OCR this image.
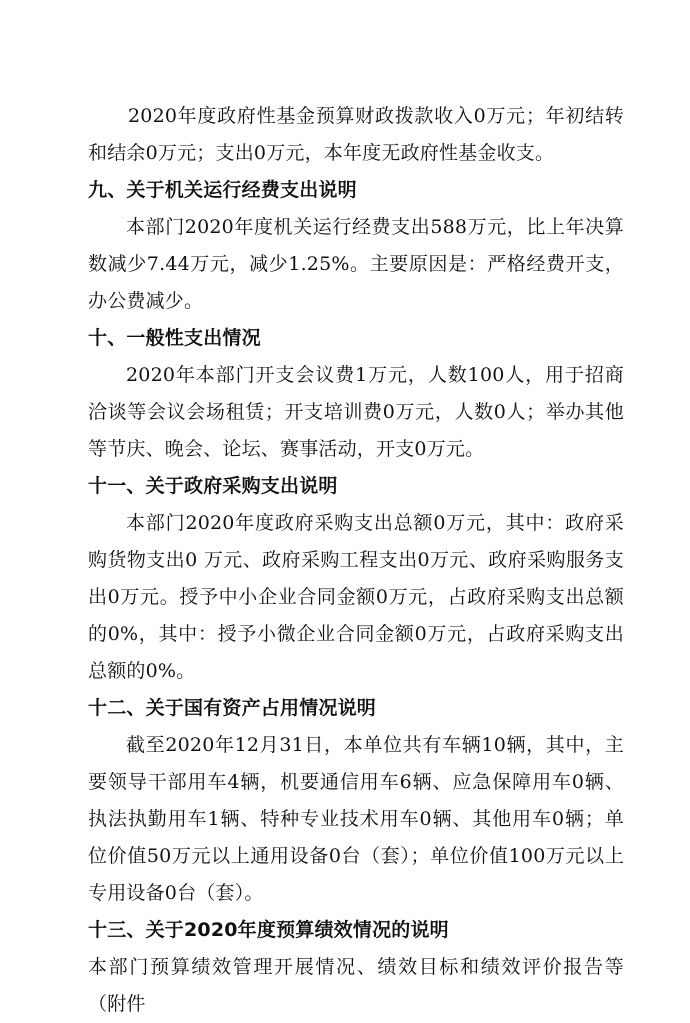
2020年度政府性基金预算财政拨款收入0万元；年初结转和结余0万元；支出0万元，本年度无政府性基金收支。

九、关于机关运行经费支出说明

本部门2020年度机关运行经费支出588万元，比上年决算数减少7.44万元，减少1.25%。主要原因是：严格经费开支，办公费减少。

十、一般性支出情况

2020年本部门开支会议费1万元，人数100人，用于招商洽谈等会议会场租赁；开支培训费0万元，人数0人；举办其他等节庆、晚会、论坛、赛事活动，开支0万元。

十一、关于政府采购支出说明

本部门2020年度政府采购支出总额0万元，其中：政府采购货物支出0 万元、政府采购工程支出0万元、政府采购服务支出0万元。授予中小企业合同金额0万元，占政府采购支出总额的0%，其中：授予小微企业合同金额0万元，占政府采购支出总额的0%。

十二、关于国有资产占用情况说明

截至2020年12月31日，本单位共有车辆10辆，其中，主要领导干部用车4辆，机要通信用车6辆、应急保障用车0辆、执法执勤用车1辆、特种专业技术用车0辆、其他用车0辆；单位价值50万元以上通用设备0台（套）；单位价值100万元以上专用设备0台（套）。

十三、关于2020年度预算绩效情况的说明

本部门预算绩效管理开展情况、绩效目标和绩效评价报告等（附件
